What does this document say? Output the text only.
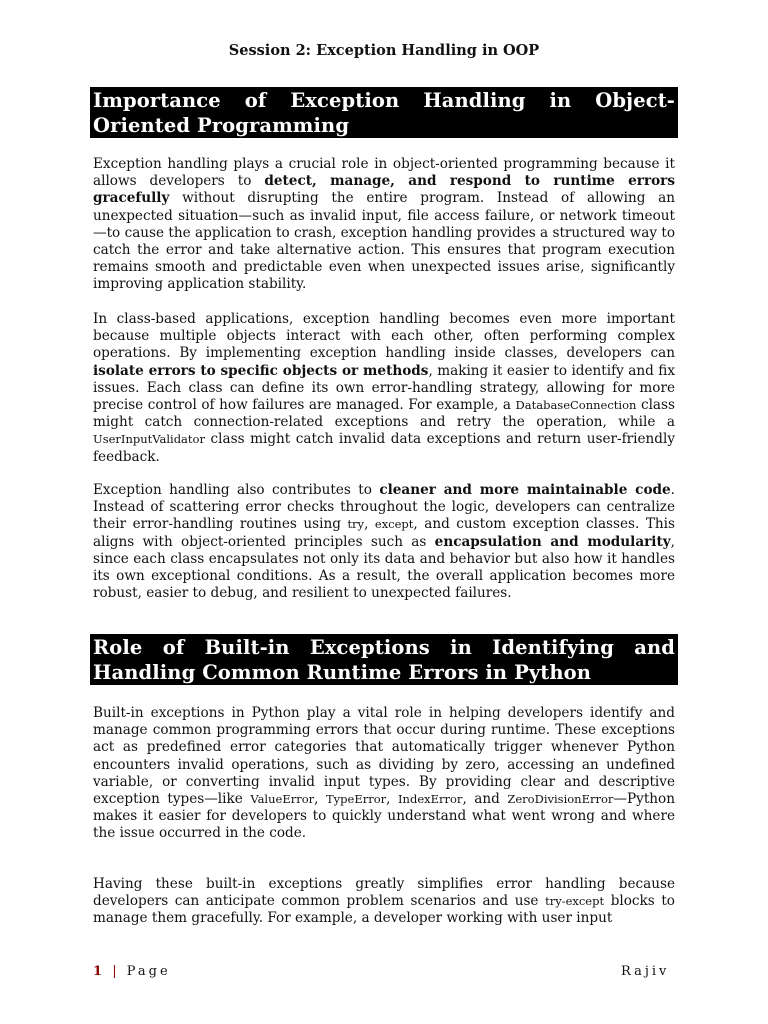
Session 2: Exception Handling in OOP
Importance of Exception Handling in Object-Oriented Programming
Exception handling plays a crucial role in object-oriented programming because it allows developers to detect, manage, and respond to runtime errors gracefully without disrupting the entire program. Instead of allowing an unexpected situation—such as invalid input, file access failure, or network timeout—to cause the application to crash, exception handling provides a structured way to catch the error and take alternative action. This ensures that program execution remains smooth and predictable even when unexpected issues arise, significantly improving application stability.
In class-based applications, exception handling becomes even more important because multiple objects interact with each other, often performing complex operations. By implementing exception handling inside classes, developers can isolate errors to specific objects or methods, making it easier to identify and fix issues. Each class can define its own error-handling strategy, allowing for more precise control of how failures are managed. For example, a DatabaseConnection class might catch connection-related exceptions and retry the operation, while a UserInputValidator class might catch invalid data exceptions and return user-friendly feedback.
Exception handling also contributes to cleaner and more maintainable code. Instead of scattering error checks throughout the logic, developers can centralize their error-handling routines using try, except, and custom exception classes. This aligns with object-oriented principles such as encapsulation and modularity, since each class encapsulates not only its data and behavior but also how it handles its own exceptional conditions. As a result, the overall application becomes more robust, easier to debug, and resilient to unexpected failures.
Role of Built-in Exceptions in Identifying and Handling Common Runtime Errors in Python
Built-in exceptions in Python play a vital role in helping developers identify and manage common programming errors that occur during runtime. These exceptions act as predefined error categories that automatically trigger whenever Python encounters invalid operations, such as dividing by zero, accessing an undefined variable, or converting invalid input types. By providing clear and descriptive exception types—like ValueError, TypeError, IndexError, and ZeroDivisionError—Python makes it easier for developers to quickly understand what went wrong and where the issue occurred in the code.
Having these built-in exceptions greatly simplifies error handling because developers can anticipate common problem scenarios and use try-except blocks to manage them gracefully. For example, a developer working with user input
1 | Page	Rajiv
